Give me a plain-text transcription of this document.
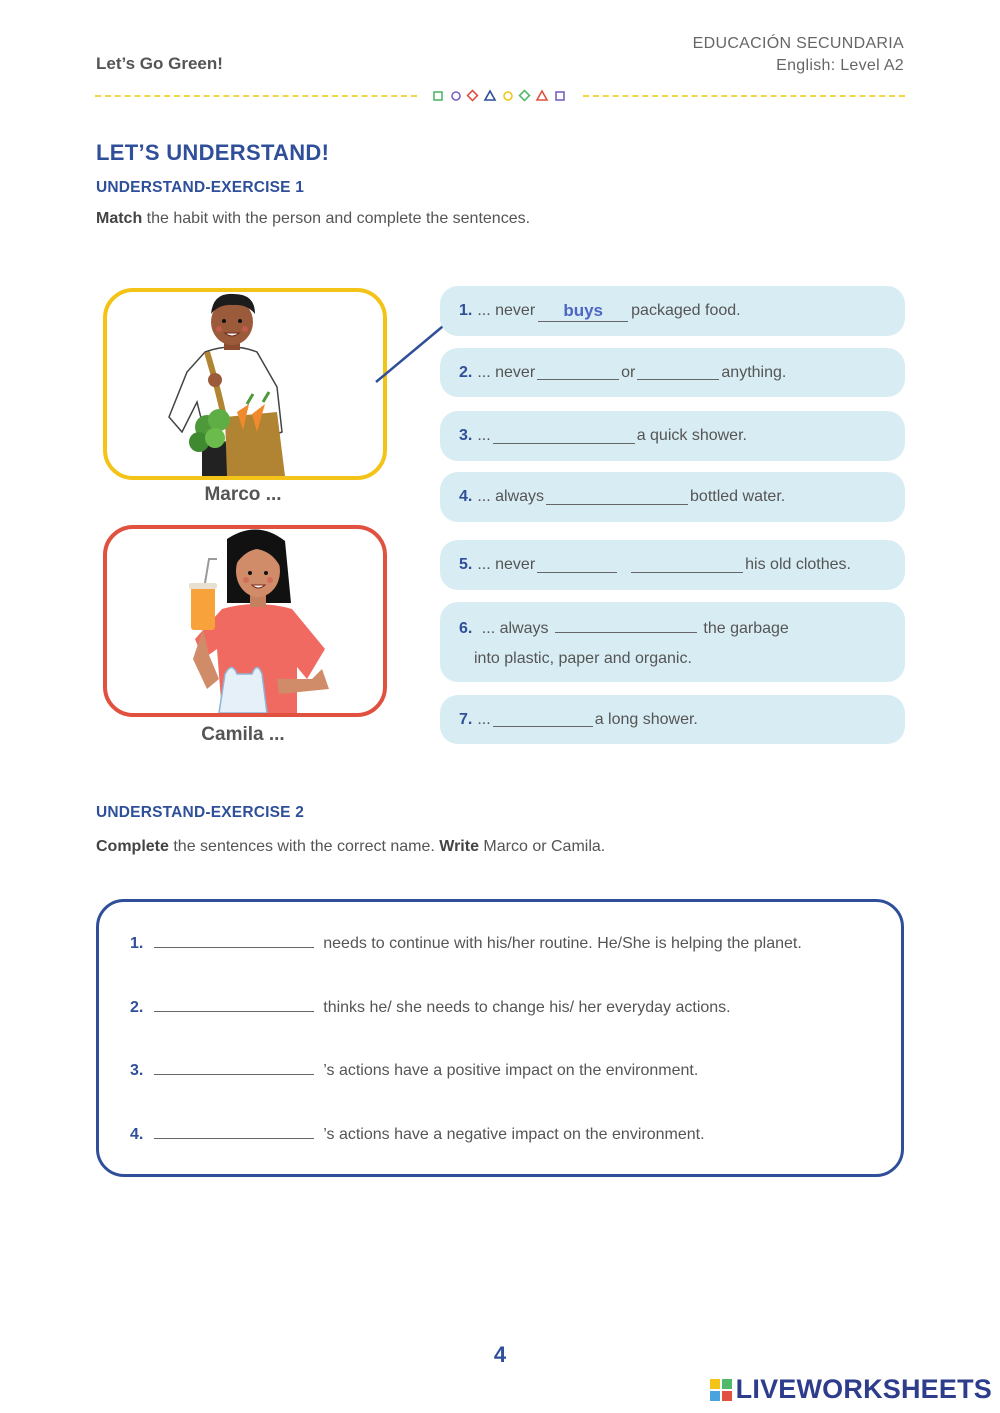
Let’s Go Green!
EDUCACIÓN SECUNDARIA
English: Level A2
LET’S UNDERSTAND!
UNDERSTAND-EXERCISE 1
Match the habit with the person and complete the sentences.
Marco ...
Camila ...
1. ... never	buys	packaged food.
2. ... never	or	anything.
3. ...	a quick shower.
4. ... always	bottled water.
5. ... never	his old clothes.
6. ... always	the garbage
into plastic, paper and organic.
7. ...	a long shower.
UNDERSTAND-EXERCISE 2
Complete the sentences with the correct name. Write Marco or Camila.
1.	needs to continue with his/her routine. He/She is helping the planet.
2.	thinks he/ she needs to change his/ her everyday actions.
3.	’s actions have a positive impact on the environment.
4.	’s actions have a negative impact on the environment.
4
LIVEWORKSHEETS
